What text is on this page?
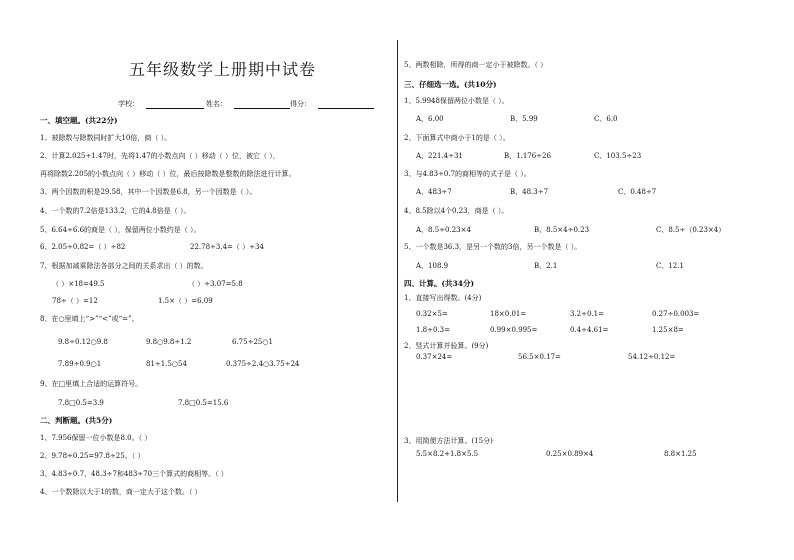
五年级数学上册期中试卷
学校：	姓名：	得分：
一、填空题。(共22分)
1、被除数与除数同时扩大10倍，商（ ）。
2、计算2.025÷1.47时，先将1.47的小数点向（ ）移动（ ）位，被它（ ），
再将除数2.205的小数点向（ ）移动（ ）位，最后按除数是整数的除法进行计算。
3、两个因数的积是29.58，其中一个因数是6.8，另一个因数是（ ）。
4、一个数的7.2倍是133.2，它的4.8倍是（ ）。
5、6.64÷6.6的商是（ ），保留两位小数约是（ ）。
6、2.05÷0.82=（ ）÷82	22.78÷3.4=（ ）÷34
7、根据加减乘除法各部分之间的关系求出（ ）的数。
（ ）×18=49.5	（ ）÷3.07=5.8
78÷（ ）=12	1.5×（ ）=6.09
8、在○里填上“>”“<”或“=”。
9.8÷0.12○9.8	9.8○9.8÷1.2	6.75÷25○1
7.89÷0.9○1	81÷1.5○54	0.375÷2.4○3.75÷24
9、在□里填上合适的运算符号。
7.8□0.5=3.9	7.8□0.5=15.6
二、判断题。(共5分)
1、7.956保留一位小数是8.0。（ ）
2、9.78÷0.25=97.8÷25。（ ）
3、4.83÷0.7、48.3÷7和483÷70三个算式的商相等。（ ）
4、一个数除以大于1的数，商一定大于这个数。（ ）
5、两数相除，所得的商一定小于被除数。（ ）
三、仔细选一选。(共10分)
1、5.9948保留两位小数是（ ）。
A、6.00	B、5.99	C、6.0
2、下面算式中商小于1的是（ ）。
A、221.4÷31	B、1.176÷26	C、103.5÷23
3、与4.83÷0.7的商相等的式子是（ ）。
A、483÷7	B、48.3÷7	C、0.48÷7
4、8.5除以4个0.23，商是（ ）。
A、8.5÷0.23×4	B、8.5×4÷0.23	C、8.5÷（0.23×4）
5、一个数是36.3，是另一个数的3倍，另一个数是（ ）。
A、108.9	B、2.1	C、12.1
四、计算。(共34分)
1、直接写出得数。(4分)
0.32×5=	18×0.01=	3.2÷0.1=	0.27÷0.003=
1.8÷0.3=	0.99×0.995=	0.4÷4.61=	1.25×8=
2、竖式计算并验算。(9分)
0.37×24=	56.5×0.17=	54.12÷0.12=
3、用简便方法计算。(15分)
5.5×8.2+1.8×5.5	0.25×0.89×4	8.8×1.25
